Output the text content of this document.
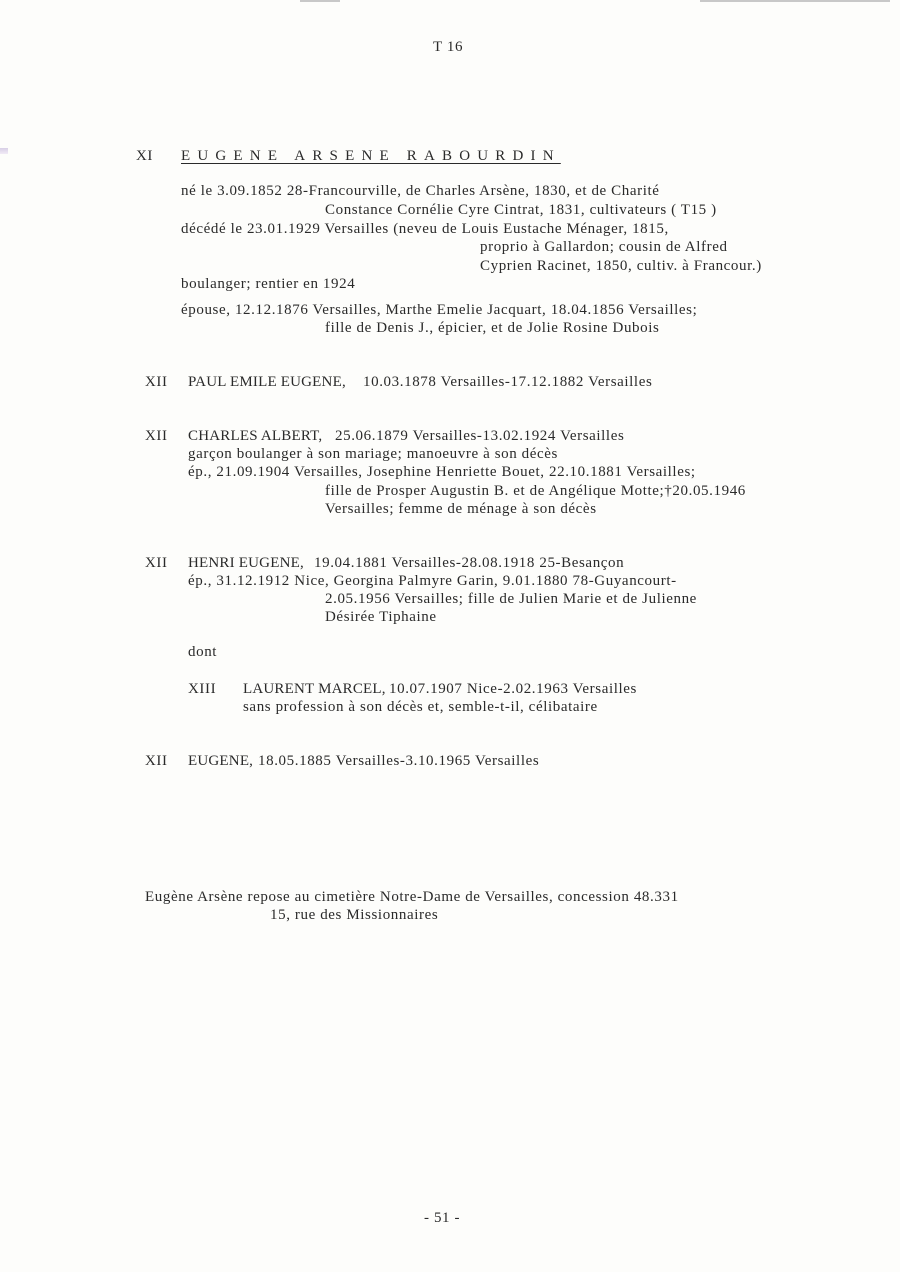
T 16
XI EUGENE ARSENE RABOURDIN
né le 3.09.1852 28-Francourville, de Charles Arsène, 1830, et de Charité
Constance Cornélie Cyre Cintrat, 1831, cultivateurs ( T15 )
décédé le 23.01.1929 Versailles (neveu de Louis Eustache Ménager, 1815,
proprio à Gallardon; cousin de Alfred
Cyprien Racinet, 1850, cultiv. à Francour.)
boulanger; rentier en 1924
épouse, 12.12.1876 Versailles, Marthe Emelie Jacquart, 18.04.1856 Versailles;
fille de Denis J., épicier, et de Jolie Rosine Dubois
XII PAUL EMILE EUGENE, 10.03.1878 Versailles-17.12.1882 Versailles
XII CHARLES ALBERT, 25.06.1879 Versailles-13.02.1924 Versailles
garçon boulanger à son mariage; manoeuvre à son décès
ép., 21.09.1904 Versailles, Josephine Henriette Bouet, 22.10.1881 Versailles;
fille de Prosper Augustin B. et de Angélique Motte;†20.05.1946
Versailles; femme de ménage à son décès
XII HENRI EUGENE, 19.04.1881 Versailles-28.08.1918 25-Besançon
ép., 31.12.1912 Nice, Georgina Palmyre Garin, 9.01.1880 78-Guyancourt-
2.05.1956 Versailles; fille de Julien Marie et de Julienne
Désirée Tiphaine
dont
XIII LAURENT MARCEL, 10.07.1907 Nice-2.02.1963 Versailles
sans profession à son décès et, semble-t-il, célibataire
XII EUGENE, 18.05.1885 Versailles-3.10.1965 Versailles
Eugène Arsène repose au cimetière Notre-Dame de Versailles, concession 48.331
15, rue des Missionnaires
- 51 -
